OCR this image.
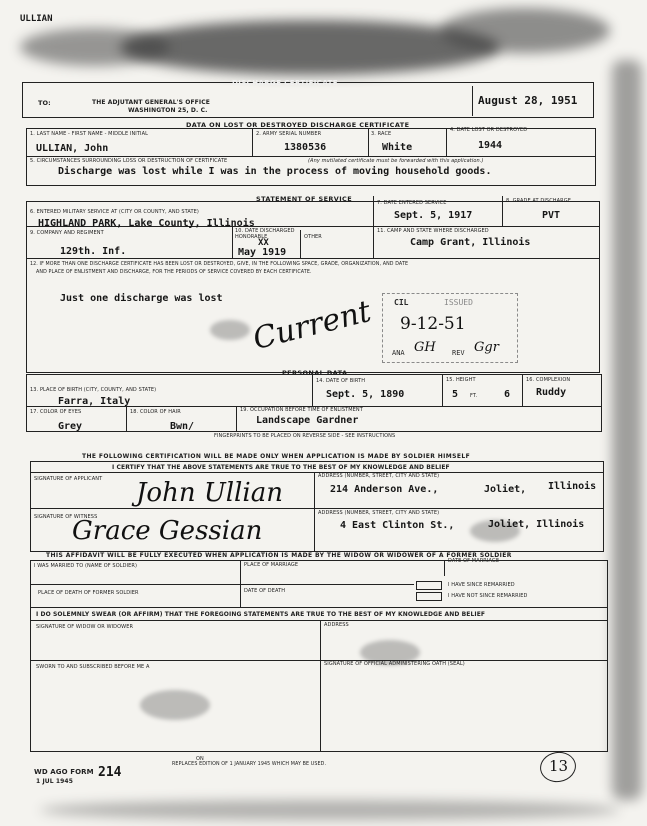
ULLIAN
TO:	THE ADJUTANT GENERAL'S OFFICE
WASHINGTON 25, D. C.
DISCHARGE CERTIFICATE
August 28, 1951
DATA ON LOST OR DESTROYED DISCHARGE CERTIFICATE
1. LAST NAME - FIRST NAME - MIDDLE INITIAL
ULLIAN, John
2. ARMY SERIAL NUMBER
1380536
3. RACE
White
4. DATE LOST OR DESTROYED
1944
5. CIRCUMSTANCES SURROUNDING LOSS OR DESTRUCTION OF CERTIFICATE	(Any mutilated certificate must be forwarded with this application.)
Discharge was lost while I was in the process of moving household goods.
STATEMENT OF SERVICE
6. ENTERED MILITARY SERVICE AT (CITY OR COUNTY, AND STATE)
HIGHLAND PARK, Lake County, Illinois
7. DATE ENTERED SERVICE
Sept. 5, 1917
8. GRADE AT DISCHARGE
PVT
9. COMPANY AND REGIMENT
129th. Inf.
10. DATE DISCHARGED
HONORABLE	OTHER
XX
May 1919
11. CAMP AND STATE WHERE DISCHARGED
Camp Grant, Illinois
12. IF MORE THAN ONE DISCHARGE CERTIFICATE HAS BEEN LOST OR DESTROYED, GIVE, IN THE FOLLOWING SPACE, GRADE, ORGANIZATION, AND DATE
AND PLACE OF ENLISTMENT AND DISCHARGE, FOR THE PERIODS OF SERVICE COVERED BY EACH CERTIFICATE.
Just one discharge was lost Current CIL	ISSUED
9-12-51
ANA GH REV Ggr
PERSONAL DATA
13. PLACE OF BIRTH (CITY, COUNTY, AND STATE)
Farra, Italy
14. DATE OF BIRTH
Sept. 5, 1890
15. HEIGHT
5 FT.	6
16. COMPLEXION
Ruddy
17. COLOR OF EYES
Grey
18. COLOR OF HAIR
Bwn/
19. OCCUPATION BEFORE TIME OF ENLISTMENT
Landscape Gardner
FINGERPRINTS TO BE PLACED ON REVERSE SIDE - SEE INSTRUCTIONS
THE FOLLOWING CERTIFICATION WILL BE MADE ONLY WHEN APPLICATION IS MADE BY SOLDIER HIMSELF
I CERTIFY THAT THE ABOVE STATEMENTS ARE TRUE TO THE BEST OF MY KNOWLEDGE AND BELIEF
SIGNATURE OF APPLICANT John Ullian
ADDRESS (NUMBER, STREET, CITY AND STATE)
214 Anderson Ave.,	Joliet, Illinois
SIGNATURE OF WITNESS
Grace Gessian
ADDRESS (NUMBER, STREET, CITY AND STATE)
4 East Clinton St.,	Joliet, Illinois
THIS AFFIDAVIT WILL BE FULLY EXECUTED WHEN APPLICATION IS MADE BY THE WIDOW OR WIDOWER OF A FORMER SOLDIER
I WAS MARRIED TO (NAME OF SOLDIER)	PLACE OF MARRIAGE
DATE OF MARRIAGE
PLACE OF DEATH OF FORMER SOLDIER	DATE OF DEATH
I HAVE SINCE REMARRIED
I HAVE NOT SINCE REMARRIED
I DO SOLEMNLY SWEAR (OR AFFIRM) THAT THE FOREGOING STATEMENTS ARE TRUE TO THE BEST OF MY KNOWLEDGE AND BELIEF
SIGNATURE OF WIDOW OR WIDOWER	ADDRESS
SWORN TO AND SUBSCRIBED BEFORE ME A	SIGNATURE OF OFFICIAL ADMINISTERING OATH (SEAL)
ON
WD AGO FORM 214
1 JUL 1945
REPLACES EDITION OF 1 JANUARY 1945 WHICH MAY BE USED.	13
